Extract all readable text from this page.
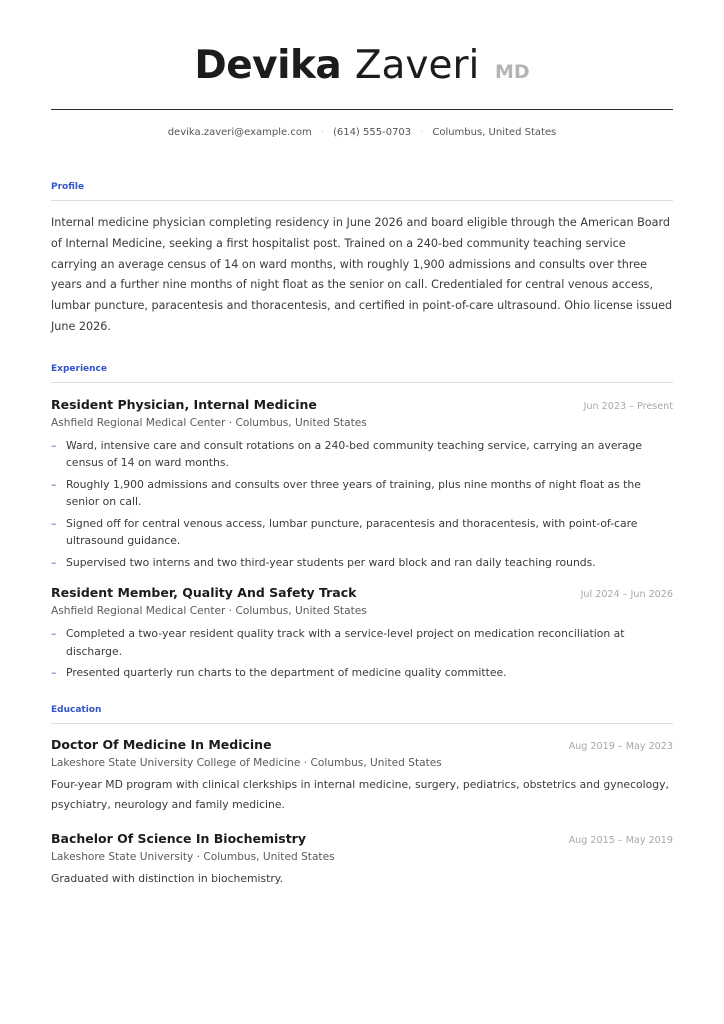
Devika Zaveri MD
devika.zaveri@example.com · (614) 555-0703 · Columbus, United States
Profile

Internal medicine physician completing residency in June 2026 and board eligible through the American Board of Internal Medicine, seeking a first hospitalist post. Trained on a 240-bed community teaching service carrying an average census of 14 on ward months, with roughly 1,900 admissions and consults over three years and a further nine months of night float as the senior on call. Credentialed for central venous access, lumbar puncture, paracentesis and thoracentesis, and certified in point-of-care ultrasound. Ohio license issued June 2026.

Experience
Resident Physician, Internal Medicine	Jun 2023 – Present
Ashfield Regional Medical Center · Columbus, United States
– Ward, intensive care and consult rotations on a 240-bed community teaching service, carrying an average census of 14 on ward months.
– Roughly 1,900 admissions and consults over three years of training, plus nine months of night float as the senior on call.
– Signed off for central venous access, lumbar puncture, paracentesis and thoracentesis, with point-of-care ultrasound guidance.
– Supervised two interns and two third-year students per ward block and ran daily teaching rounds.
Resident Member, Quality And Safety Track	Jul 2024 – Jun 2026
Ashfield Regional Medical Center · Columbus, United States
– Completed a two-year resident quality track with a service-level project on medication reconciliation at discharge.
– Presented quarterly run charts to the department of medicine quality committee.
Education
Doctor Of Medicine In Medicine	Aug 2019 – May 2023
Lakeshore State University College of Medicine · Columbus, United States
Four-year MD program with clinical clerkships in internal medicine, surgery, pediatrics, obstetrics and gynecology, psychiatry, neurology and family medicine.
Bachelor Of Science In Biochemistry	Aug 2015 – May 2019
Lakeshore State University · Columbus, United States
Graduated with distinction in biochemistry.
